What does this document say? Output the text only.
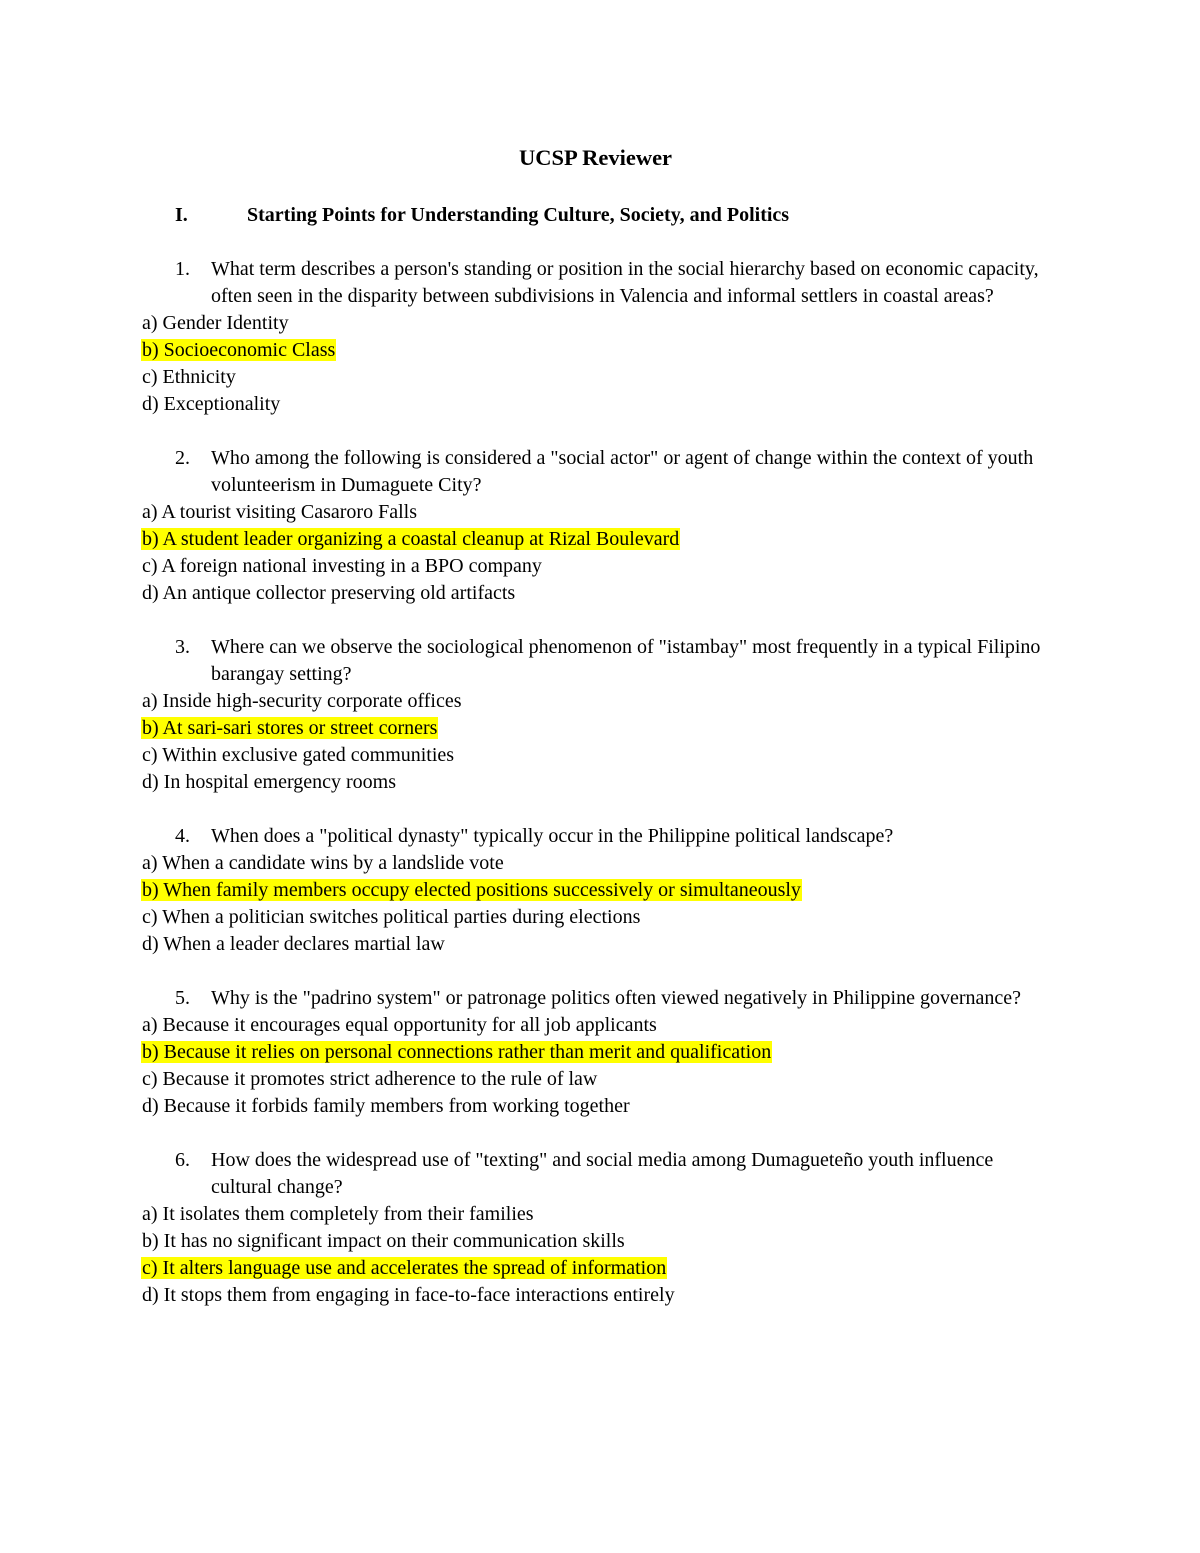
UCSP Reviewer
I.	Starting Points for Understanding Culture, Society, and Politics
1.	What term describes a person's standing or position in the social hierarchy based on economic capacity, often seen in the disparity between subdivisions in Valencia and informal settlers in coastal areas?
a) Gender Identity
b) Socioeconomic Class
c) Ethnicity
d) Exceptionality
2.	Who among the following is considered a "social actor" or agent of change within the context of youth volunteerism in Dumaguete City?
a) A tourist visiting Casaroro Falls
b) A student leader organizing a coastal cleanup at Rizal Boulevard
c) A foreign national investing in a BPO company
d) An antique collector preserving old artifacts
3.	Where can we observe the sociological phenomenon of "istambay" most frequently in a typical Filipino barangay setting?
a) Inside high-security corporate offices
b) At sari-sari stores or street corners
c) Within exclusive gated communities
d) In hospital emergency rooms
4.	When does a "political dynasty" typically occur in the Philippine political landscape?
a) When a candidate wins by a landslide vote
b) When family members occupy elected positions successively or simultaneously
c) When a politician switches political parties during elections
d) When a leader declares martial law
5.	Why is the "padrino system" or patronage politics often viewed negatively in Philippine governance?
a) Because it encourages equal opportunity for all job applicants
b) Because it relies on personal connections rather than merit and qualification
c) Because it promotes strict adherence to the rule of law
d) Because it forbids family members from working together
6.	How does the widespread use of "texting" and social media among Dumagueteño youth influence cultural change?
a) It isolates them completely from their families
b) It has no significant impact on their communication skills
c) It alters language use and accelerates the spread of information
d) It stops them from engaging in face-to-face interactions entirely
